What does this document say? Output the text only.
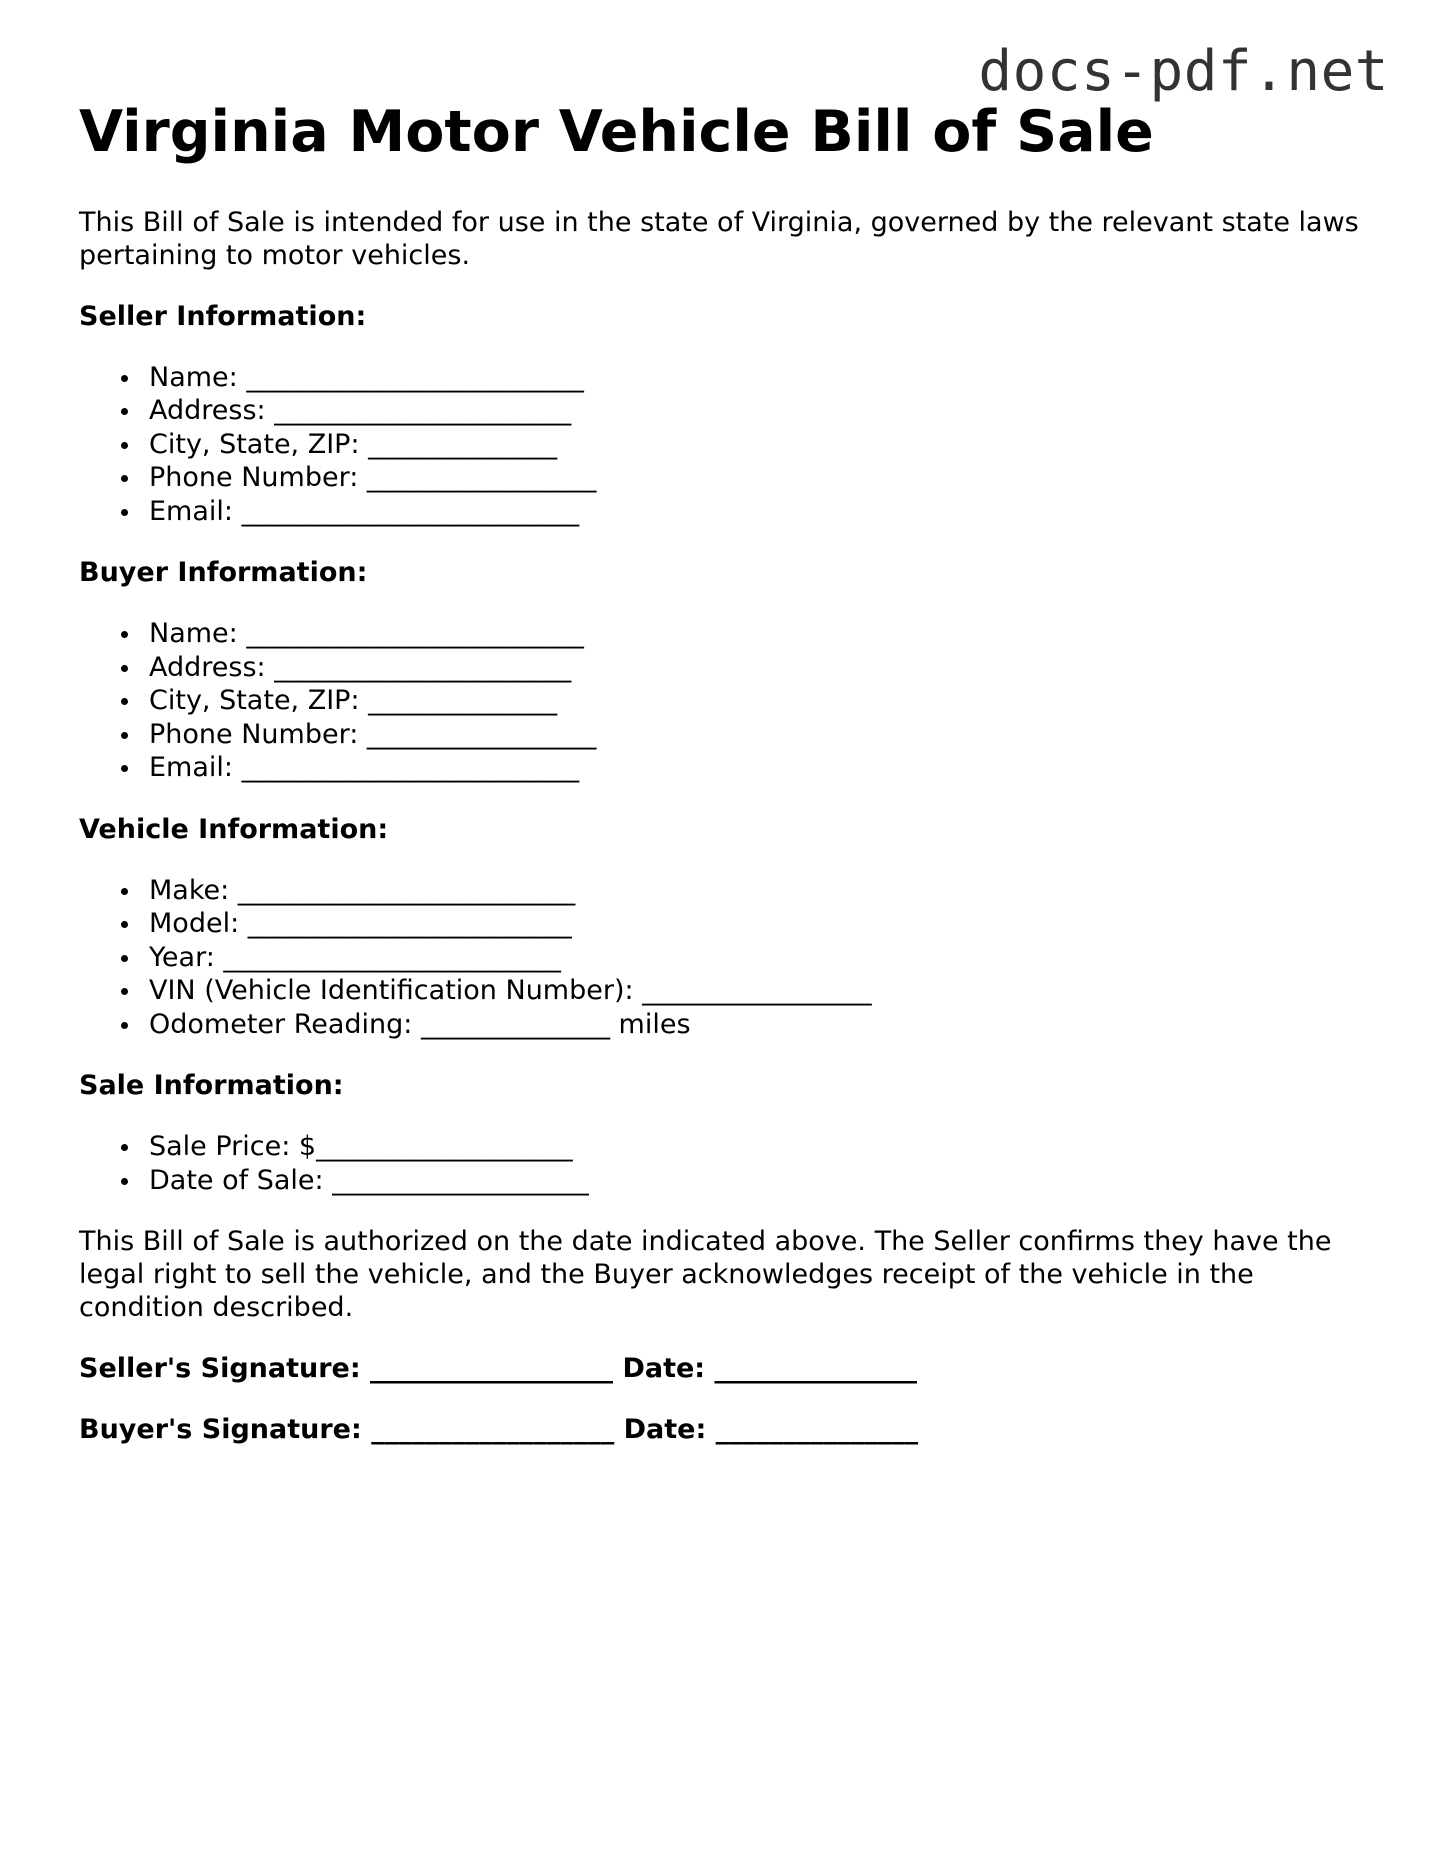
docs-pdf.net
Virginia Motor Vehicle Bill of Sale

This Bill of Sale is intended for use in the state of Virginia, governed by the relevant state laws pertaining to motor vehicles.

Seller Information:

Name: _________________________
Address: ______________________
City, State, ZIP: ______________
Phone Number: _________________
Email: _________________________

Buyer Information:

Name: _________________________
Address: ______________________
City, State, ZIP: ______________
Phone Number: _________________
Email: _________________________

Vehicle Information:

Make: _________________________
Model: ________________________
Year: _________________________
VIN (Vehicle Identification Number): _________________
Odometer Reading: ______________ miles

Sale Information:

Sale Price: $___________________
Date of Sale: ___________________

This Bill of Sale is authorized on the date indicated above. The Seller confirms they have the legal right to sell the vehicle, and the Buyer acknowledges receipt of the vehicle in the condition described.

Seller's Signature: __________________ Date: _______________

Buyer's Signature: __________________ Date: _______________
